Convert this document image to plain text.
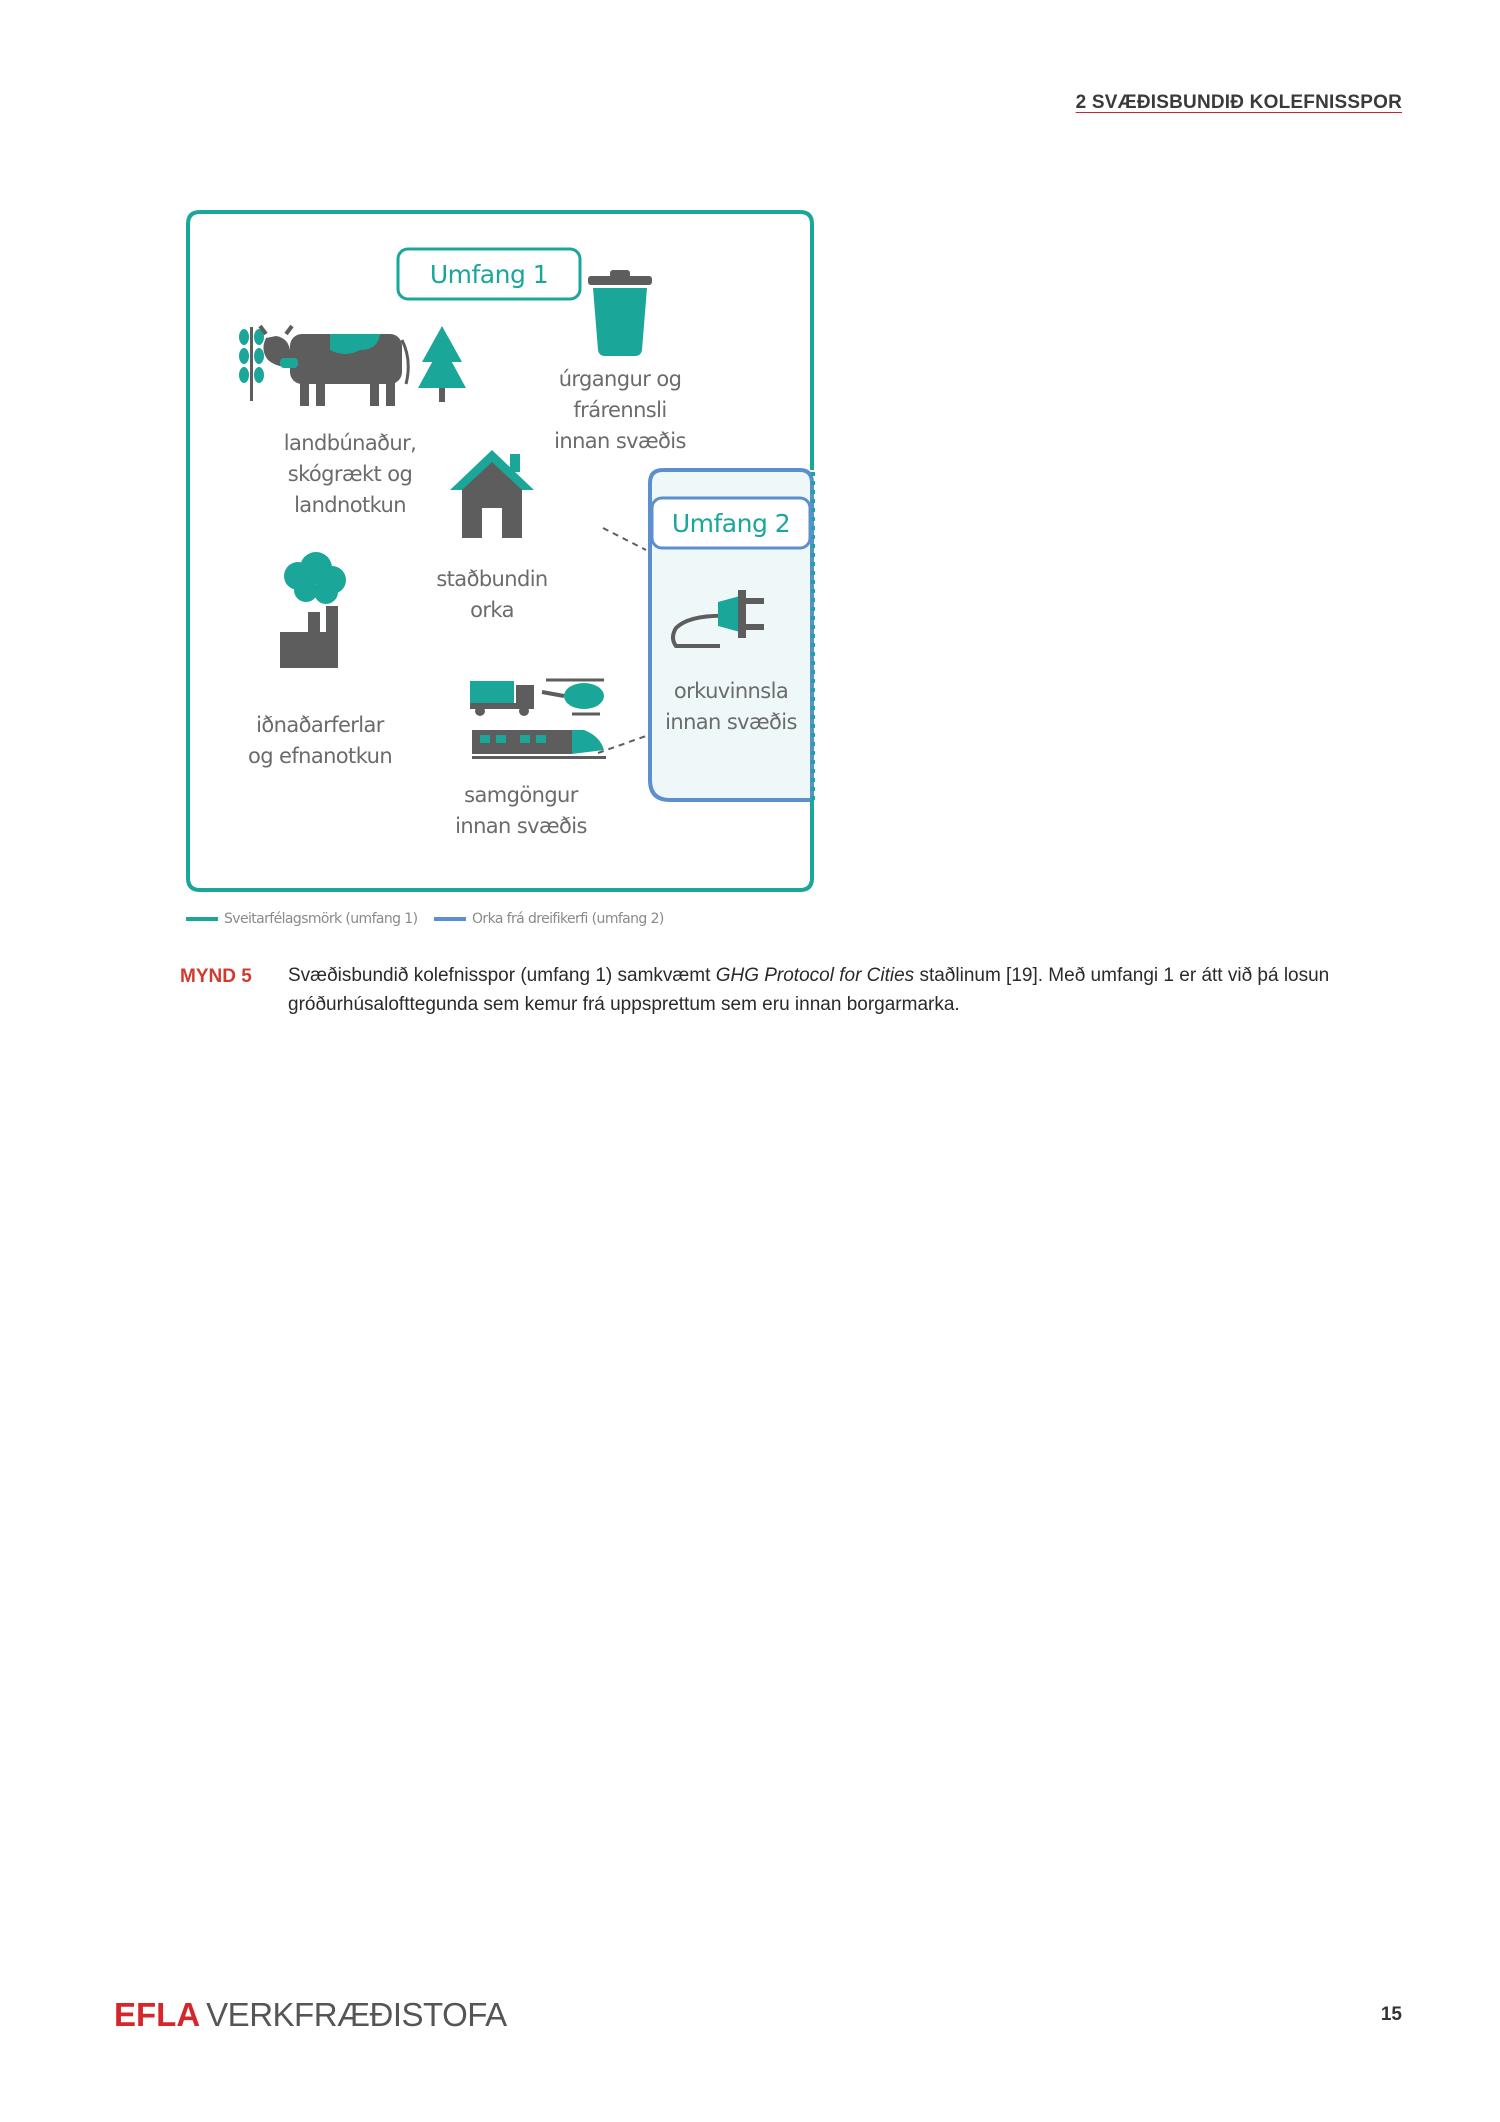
2 SVÆÐISBUNDIÐ KOLEFNISSPOR
Umfang 1
Umfang 2
landbúnaður,
skógrækt og
landnotkun
úrgangur og
frárennsli
innan svæðis
staðbundin
orka
iðnaðarferlar
og efnanotkun
samgöngur
innan svæðis
orkuvinnsla
innan svæðis
Sveitarfélagsmörk (umfang 1)	Orka frá dreifikerfi (umfang 2)
MYND 5	Svæðisbundið kolefnisspor (umfang 1) samkvæmt GHG Protocol for Cities staðlinum [19]. Með umfangi 1 er átt við þá losun gróðurhúsalofttegunda sem kemur frá uppsprettum sem eru innan borgarmarka.
EFLA VERKFRÆÐISTOFA	15
